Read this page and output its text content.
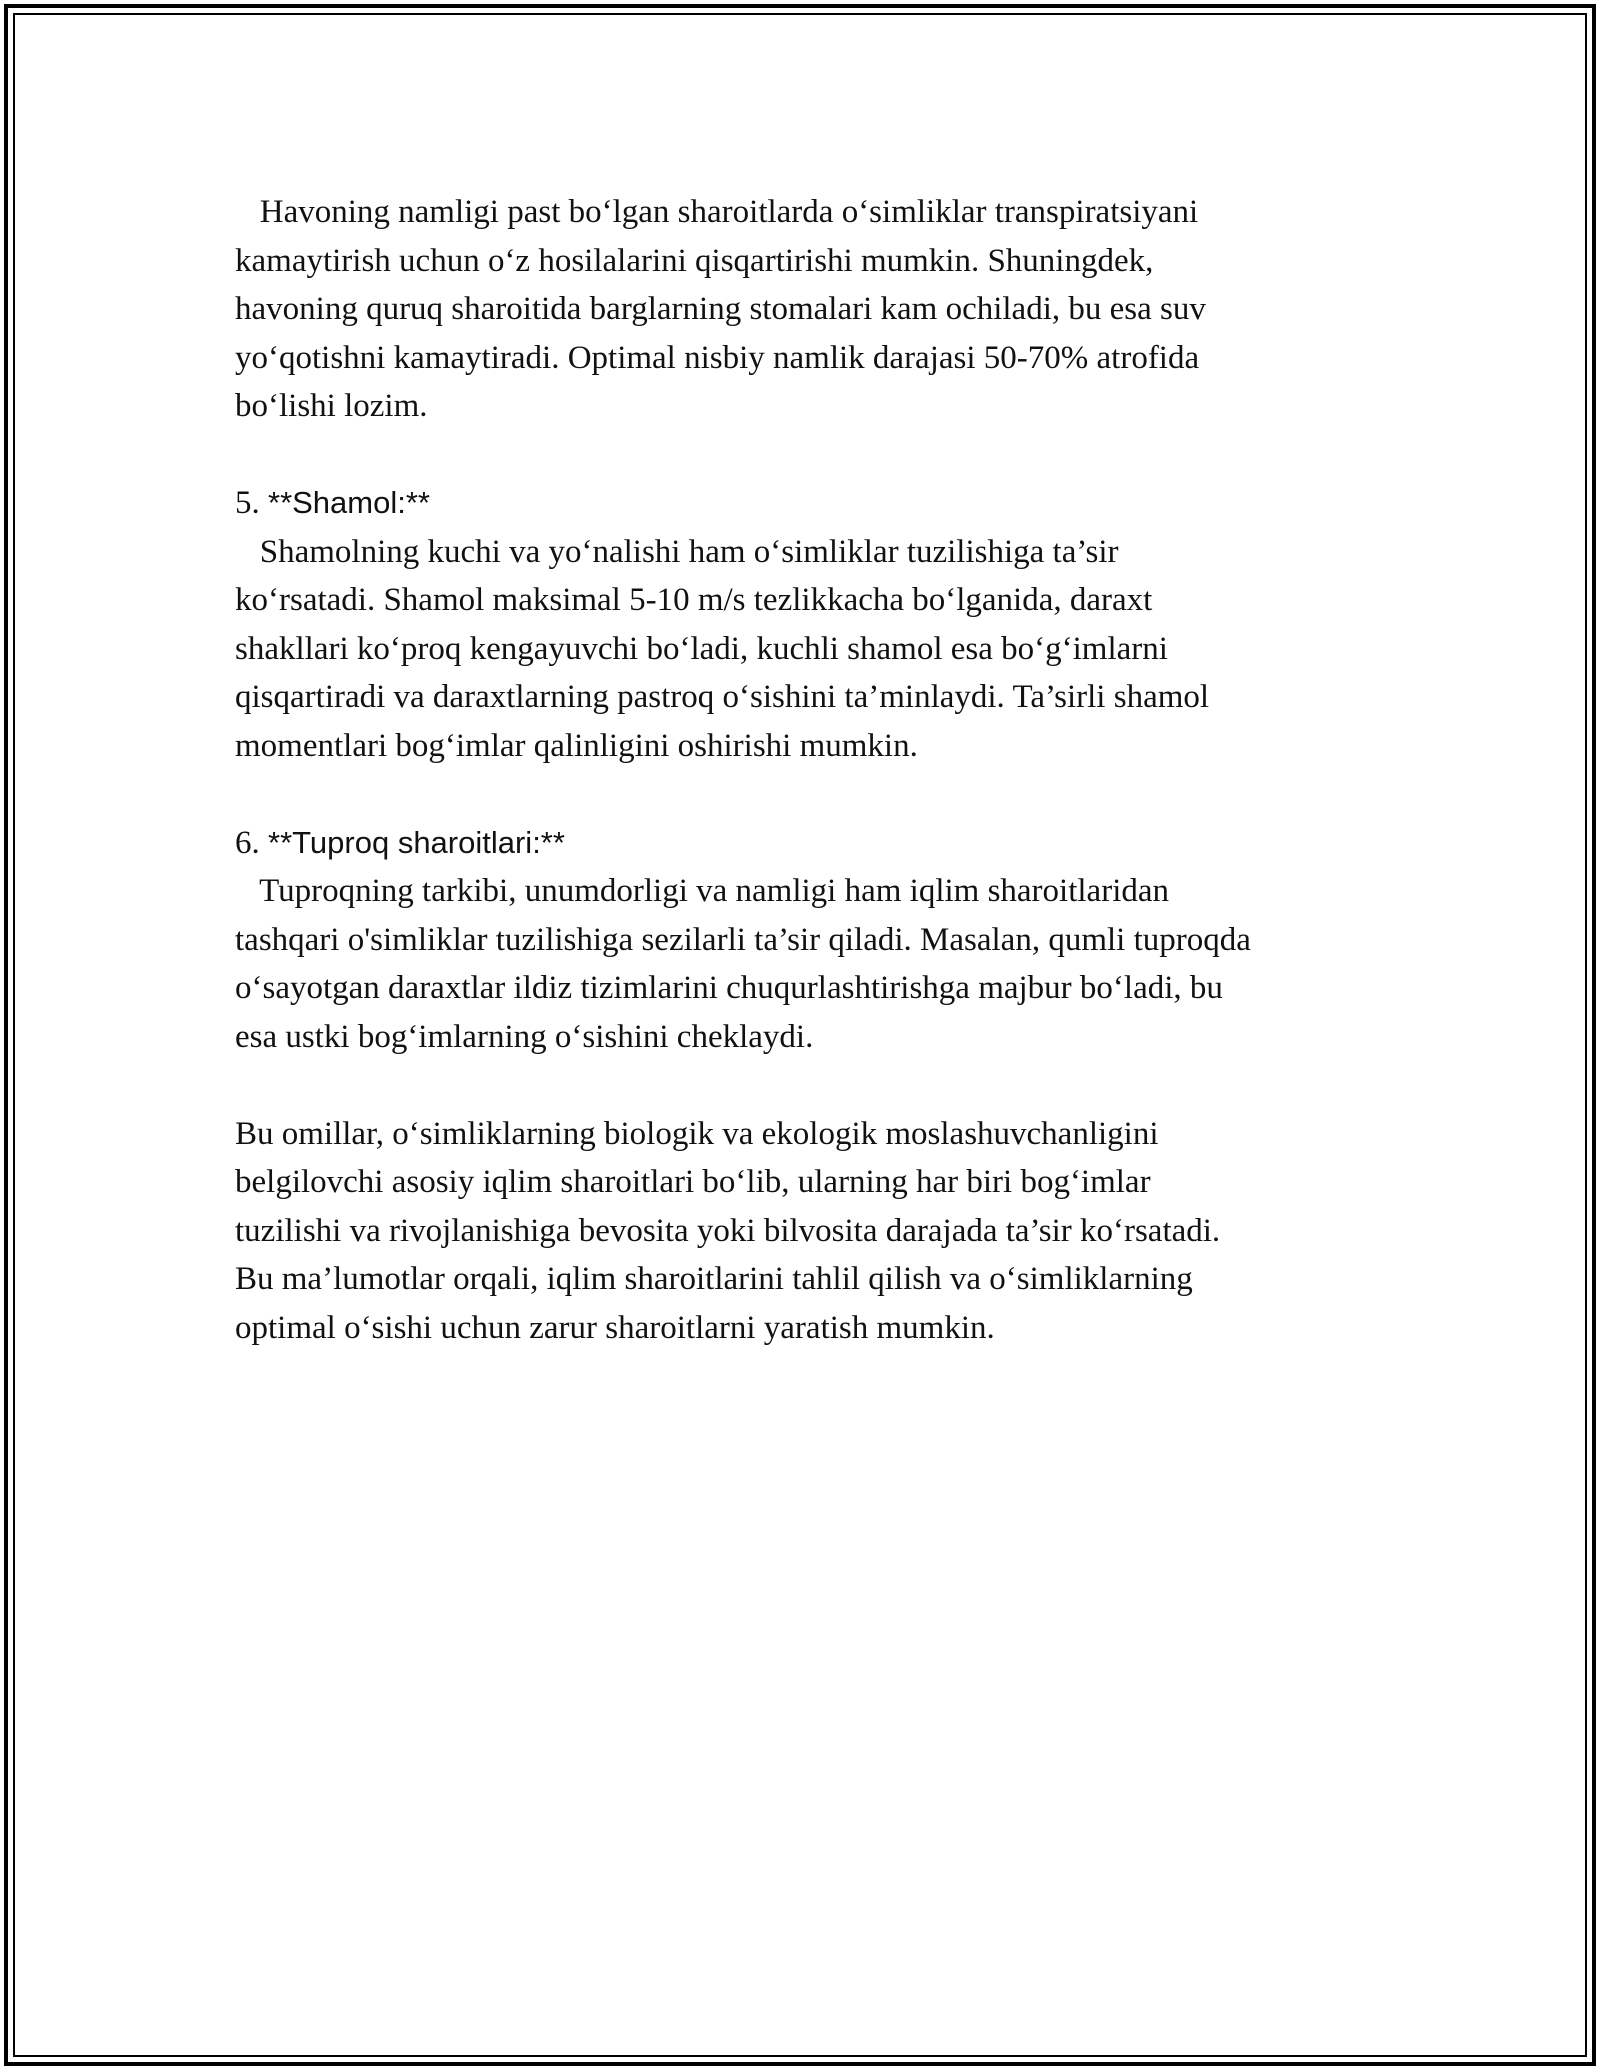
Havoning namligi past bo‘lgan sharoitlarda o‘simliklar transpiratsiyani
kamaytirish uchun o‘z hosilalarini qisqartirishi mumkin. Shuningdek,
havoning quruq sharoitida barglarning stomalari kam ochiladi, bu esa suv
yo‘qotishni kamaytiradi. Optimal nisbiy namlik darajasi 50-70% atrofida
bo‘lishi lozim.
5. **Shamol:**
Shamolning kuchi va yo‘nalishi ham o‘simliklar tuzilishiga ta’sir
ko‘rsatadi. Shamol maksimal 5-10 m/s tezlikkacha bo‘lganida, daraxt
shakllari ko‘proq kengayuvchi bo‘ladi, kuchli shamol esa bo‘g‘imlarni
qisqartiradi va daraxtlarning pastroq o‘sishini ta’minlaydi. Ta’sirli shamol
momentlari bog‘imlar qalinligini oshirishi mumkin.
6. **Tuproq sharoitlari:**
Tuproqning tarkibi, unumdorligi va namligi ham iqlim sharoitlaridan
tashqari o'simliklar tuzilishiga sezilarli ta’sir qiladi. Masalan, qumli tuproqda
o‘sayotgan daraxtlar ildiz tizimlarini chuqurlashtirishga majbur bo‘ladi, bu
esa ustki bog‘imlarning o‘sishini cheklaydi.
Bu omillar, o‘simliklarning biologik va ekologik moslashuvchanligini
belgilovchi asosiy iqlim sharoitlari bo‘lib, ularning har biri bog‘imlar
tuzilishi va rivojlanishiga bevosita yoki bilvosita darajada ta’sir ko‘rsatadi.
Bu ma’lumotlar orqali, iqlim sharoitlarini tahlil qilish va o‘simliklarning
optimal o‘sishi uchun zarur sharoitlarni yaratish mumkin.
